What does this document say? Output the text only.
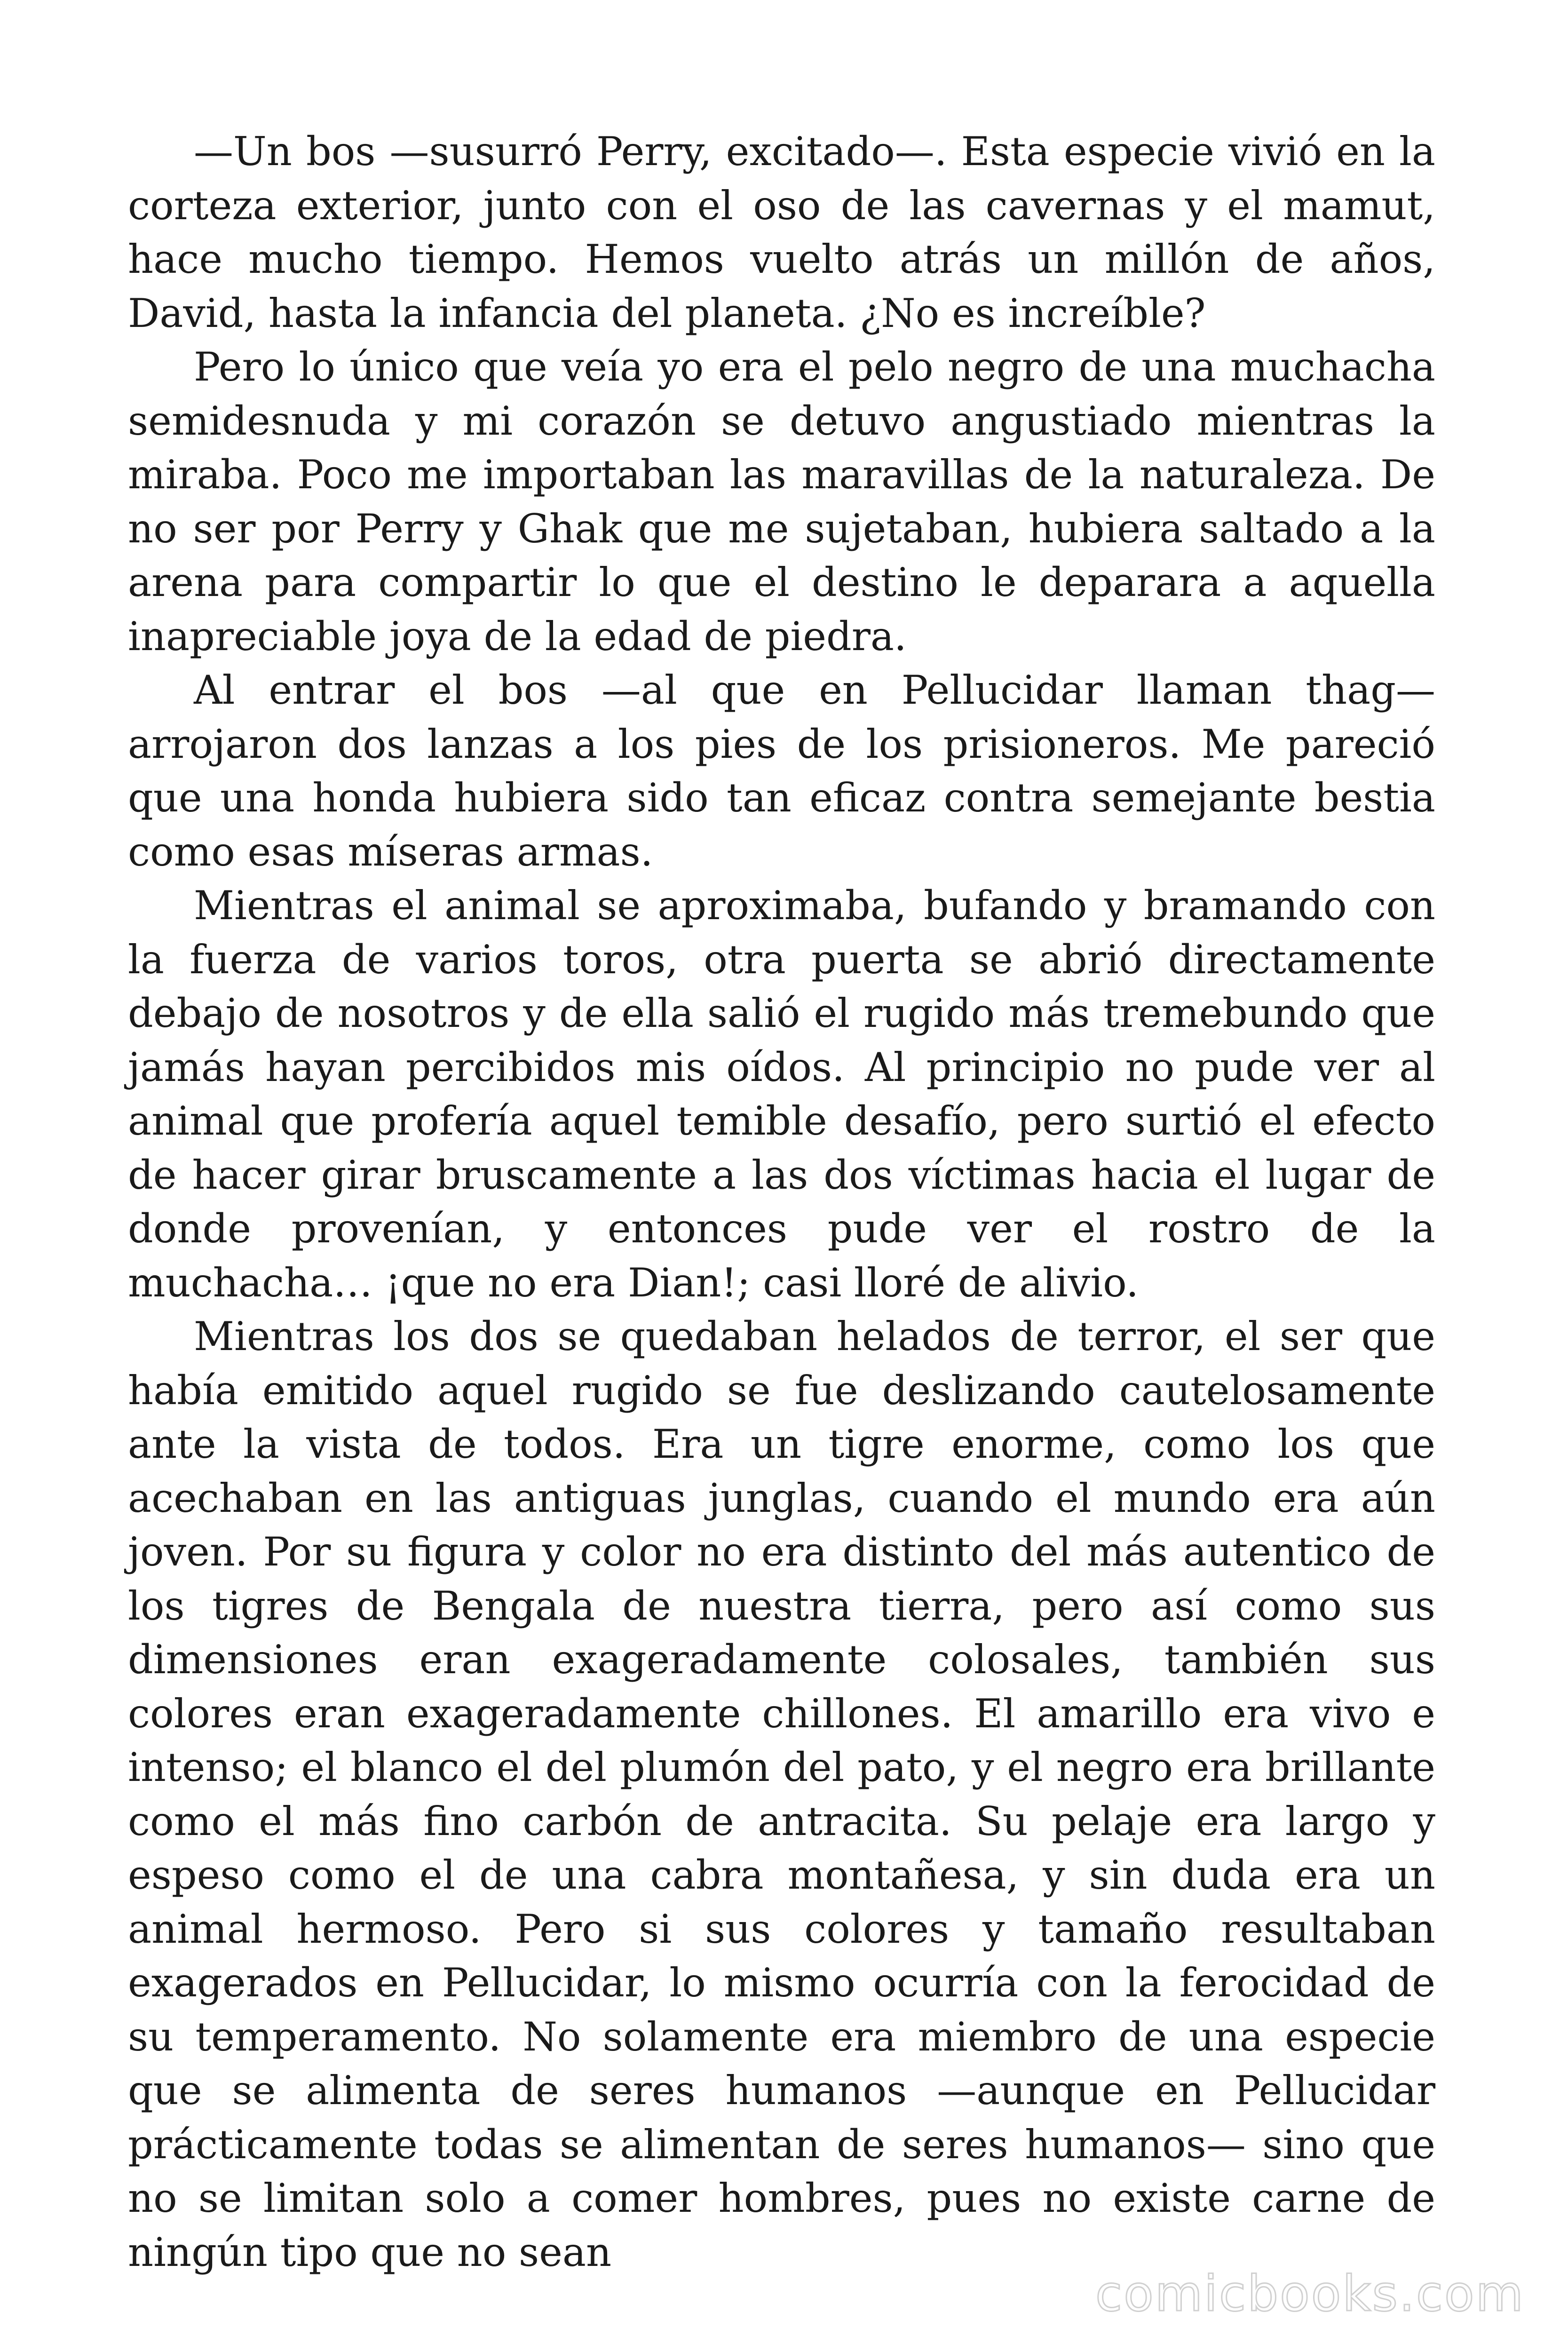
—Un bos —susurró Perry, excitado—. Esta especie vivió en la corteza exterior, junto con el oso de las cavernas y el mamut, hace mucho tiempo. Hemos vuelto atrás un millón de años, David, hasta la infancia del planeta. ¿No es increíble?

Pero lo único que veía yo era el pelo negro de una muchacha semidesnuda y mi corazón se detuvo angustiado mientras la miraba. Poco me importaban las maravillas de la naturaleza. De no ser por Perry y Ghak que me sujetaban, hubiera saltado a la arena para compartir lo que el destino le deparara a aquella inapreciable joya de la edad de piedra.

Al entrar el bos —al que en Pellucidar llaman thag— arrojaron dos lanzas a los pies de los prisioneros. Me pareció que una honda hubiera sido tan eficaz contra semejante bestia como esas míseras armas.

Mientras el animal se aproximaba, bufando y bramando con la fuerza de varios toros, otra puerta se abrió directamente debajo de nosotros y de ella salió el rugido más tremebundo que jamás hayan percibidos mis oídos. Al principio no pude ver al animal que profería aquel temible desafío, pero surtió el efecto de hacer girar bruscamente a las dos víctimas hacia el lugar de donde provenían, y entonces pude ver el rostro de la muchacha… ¡que no era Dian!; casi lloré de alivio.

Mientras los dos se quedaban helados de terror, el ser que había emitido aquel rugido se fue deslizando cautelosamente ante la vista de todos. Era un tigre enorme, como los que acechaban en las antiguas junglas, cuando el mundo era aún joven. Por su figura y color no era distinto del más autentico de los tigres de Bengala de nuestra tierra, pero así como sus dimensiones eran exageradamente colosales, también sus colores eran exageradamente chillones. El amarillo era vivo e intenso; el blanco el del plumón del pato, y el negro era brillante como el más fino carbón de antracita. Su pelaje era largo y espeso como el de una cabra montañesa, y sin duda era un animal hermoso. Pero si sus colores y tamaño resultaban exagerados en Pellucidar, lo mismo ocurría con la ferocidad de su temperamento. No solamente era miembro de una especie que se alimenta de seres humanos —aunque en Pellucidar prácticamente todas se alimentan de seres humanos— sino que no se limitan solo a comer hombres, pues no existe carne de ningún tipo que no sean

comicbooks.com
